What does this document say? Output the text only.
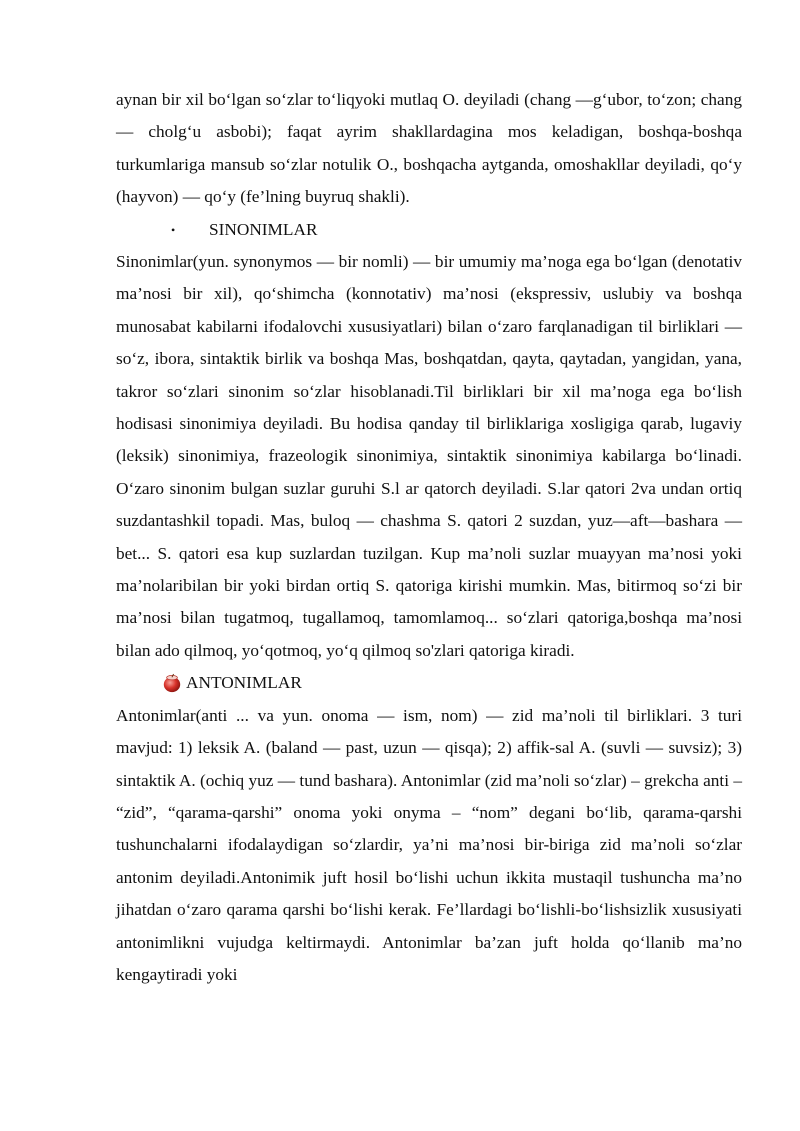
aynan bir xil bo‘lgan so‘zlar to‘liqyoki mutlaq O. deyiladi (chang —g‘ubor, to‘zon; chang — cholg‘u asbobi); faqat ayrim shakllardagina mos keladigan, boshqa-boshqa turkumlariga mansub so‘zlar notulik O., boshqacha aytganda, omoshakllar deyiladi, qo‘y (hayvon) — qo‘y (fe’lning buyruq shakli).

• SINONIMLAR

Sinonimlar(yun. synonymos — bir nomli) — bir umumiy ma’noga ega bo‘lgan (denotativ ma’nosi bir xil), qo‘shimcha (konnotativ) ma’nosi (ekspressiv, uslubiy va boshqa munosabat kabilarni ifodalovchi xususiyatlari) bilan o‘zaro farqlanadigan til birliklari — so‘z, ibora, sintaktik birlik va boshqa Mas, boshqatdan, qayta, qaytadan, yangidan, yana, takror so‘zlari sinonim so‘zlar hisoblanadi.Til birliklari bir xil ma’noga ega bo‘lish hodisasi sinonimiya deyiladi. Bu hodisa qanday til birliklariga xosligiga qarab, lugaviy (leksik) sinonimiya, frazeologik sinonimiya, sintaktik sinonimiya kabilarga bo‘linadi. O‘zaro sinonim bulgan suzlar guruhi S.l ar qatorch deyiladi. S.lar qatori 2va undan ortiq suzdantashkil topadi. Mas, buloq — chashma S. qatori 2 suzdan, yuz—aft—bashara — bet... S. qatori esa kup suzlardan tuzilgan. Kup ma’noli suzlar muayyan ma’nosi yoki ma’nolaribilan bir yoki birdan ortiq S. qatoriga kirishi mumkin. Mas, bitirmoq so‘zi bir ma’nosi bilan tugatmoq, tugallamoq, tamomlamoq... so‘zlari qatoriga,boshqa ma’nosi bilan ado qilmoq, yo‘qotmoq, yo‘q qilmoq so'zlari qatoriga kiradi.

ANTONIMLAR

Antonimlar(anti ... va yun. onoma — ism, nom) — zid ma’noli til birliklari. 3 turi mavjud: 1) leksik A. (baland — past, uzun — qisqa); 2) affik-sal A. (suvli — suvsiz); 3) sintaktik A. (ochiq yuz — tund bashara). Antonimlar (zid ma’noli so‘zlar) – grekcha anti – “zid”, “qarama-qarshi” onoma yoki onyma – “nom” degani bo‘lib, qarama-qarshi tushunchalarni ifodalaydigan so‘zlardir, ya’ni ma’nosi bir-biriga zid ma’noli so‘zlar antonim deyiladi.Antonimik juft hosil bo‘lishi uchun ikkita mustaqil tushuncha ma’no jihatdan o‘zaro qarama qarshi bo‘lishi kerak. Fe’llardagi bo‘lishli-bo‘lishsizlik xususiyati antonimlikni vujudga keltirmaydi. Antonimlar ba’zan juft holda qo‘llanib ma’no kengaytiradi yoki
